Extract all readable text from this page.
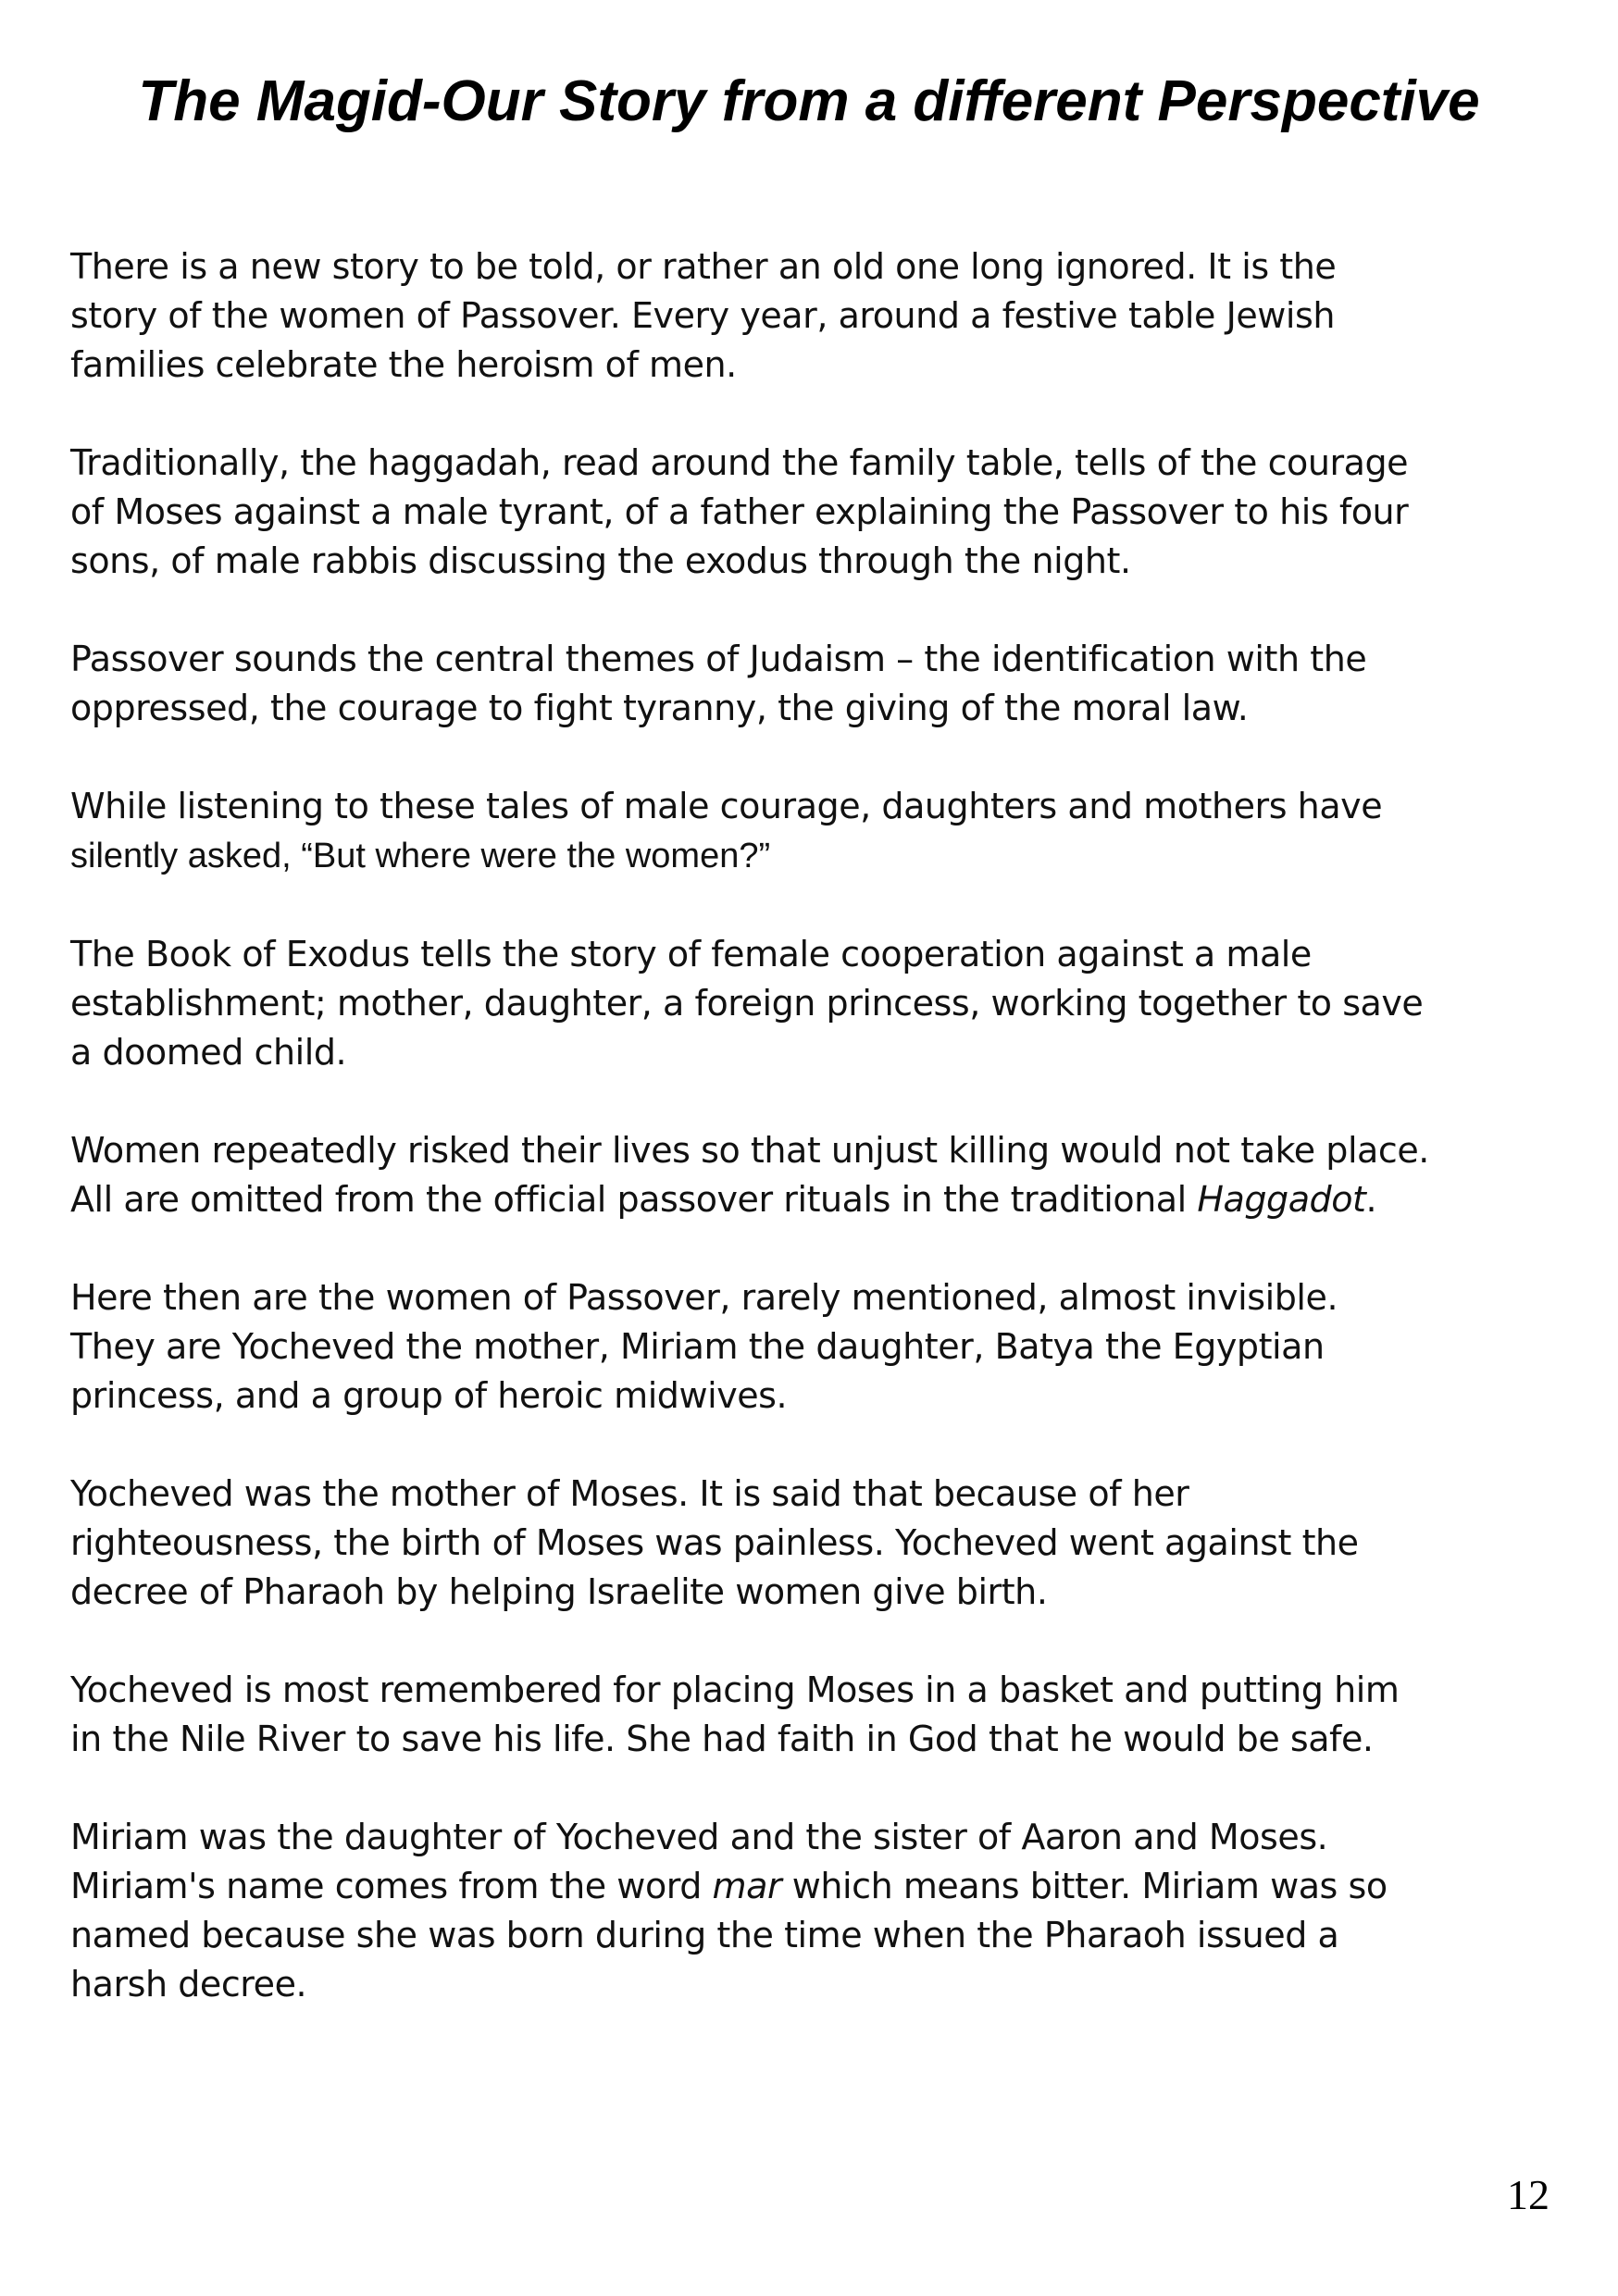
The Magid-Our Story from a different Perspective

There is a new story to be told, or rather an old one long ignored. It is the
story of the women of Passover. Every year, around a festive table Jewish
families celebrate the heroism of men.

Traditionally, the haggadah, read around the family table, tells of the courage
of Moses against a male tyrant, of a father explaining the Passover to his four
sons, of male rabbis discussing the exodus through the night.

Passover sounds the central themes of Judaism – the identification with the
oppressed, the courage to fight tyranny, the giving of the moral law.

While listening to these tales of male courage, daughters and mothers have
silently asked, “But where were the women?”

The Book of Exodus tells the story of female cooperation against a male
establishment; mother, daughter, a foreign princess, working together to save
a doomed child.

Women repeatedly risked their lives so that unjust killing would not take place.
All are omitted from the official passover rituals in the traditional Haggadot.

Here then are the women of Passover, rarely mentioned, almost invisible.
They are Yocheved the mother, Miriam the daughter, Batya the Egyptian
princess, and a group of heroic midwives.

Yocheved was the mother of Moses. It is said that because of her
righteousness, the birth of Moses was painless. Yocheved went against the
decree of Pharaoh by helping Israelite women give birth.

Yocheved is most remembered for placing Moses in a basket and putting him
in the Nile River to save his life. She had faith in God that he would be safe.

Miriam was the daughter of Yocheved and the sister of Aaron and Moses.
Miriam's name comes from the word mar which means bitter. Miriam was so
named because she was born during the time when the Pharaoh issued a
harsh decree.

12
